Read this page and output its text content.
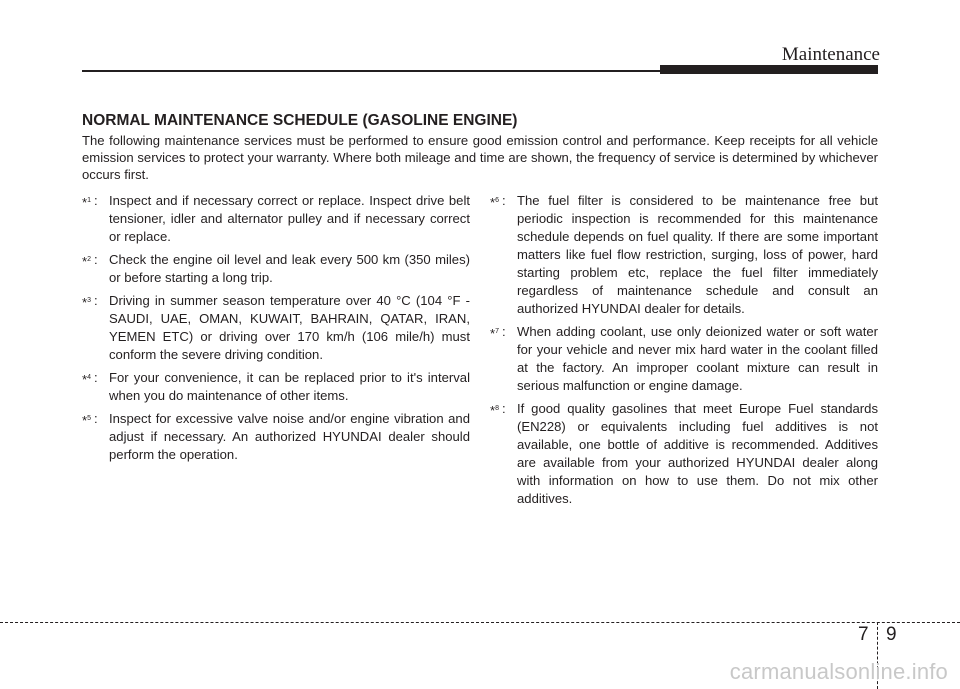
Maintenance
NORMAL MAINTENANCE SCHEDULE (GASOLINE ENGINE)

The following maintenance services must be performed to ensure good emission control and performance. Keep receipts for all vehicle emission services to protect your warranty. Where both mileage and time are shown, the frequency of service is determined by whichever occurs first.

*$^1$ : Inspect and if necessary correct or replace. Inspect drive belt tensioner, idler and alternator pulley and if necessary correct or replace.
*$^2$ : Check the engine oil level and leak every 500 km (350 miles) or before starting a long trip.
*$^3$ : Driving in summer season temperature over 40 °C (104 °F - SAUDI, UAE, OMAN, KUWAIT, BAHRAIN, QATAR, IRAN, YEMEN ETC) or driving over 170 km/h (106 mile/h) must conform the severe driving condition.
*$^4$ : For your convenience, it can be replaced prior to it's interval when you do maintenance of other items.
*$^5$ : Inspect for excessive valve noise and/or engine vibration and adjust if necessary. An authorized HYUNDAI dealer should perform the operation.
*$^6$ : The fuel filter is considered to be maintenance free but periodic inspection is recommended for this maintenance schedule depends on fuel quality. If there are some important matters like fuel flow restriction, surging, loss of power, hard starting problem etc, replace the fuel filter immediately regardless of maintenance schedule and consult an authorized HYUNDAI dealer for details.
*$^7$ : When adding coolant, use only deionized water or soft water for your vehicle and never mix hard water in the coolant filled at the factory. An improper coolant mixture can result in serious malfunction or engine damage.
*$^8$ : If good quality gasolines that meet Europe Fuel standards (EN228) or equivalents including fuel additives is not available, one bottle of additive is recommended. Additives are available from your authorized HYUNDAI dealer along with information on how to use them. Do not mix other additives.
7 9
carmanualsonline.info
